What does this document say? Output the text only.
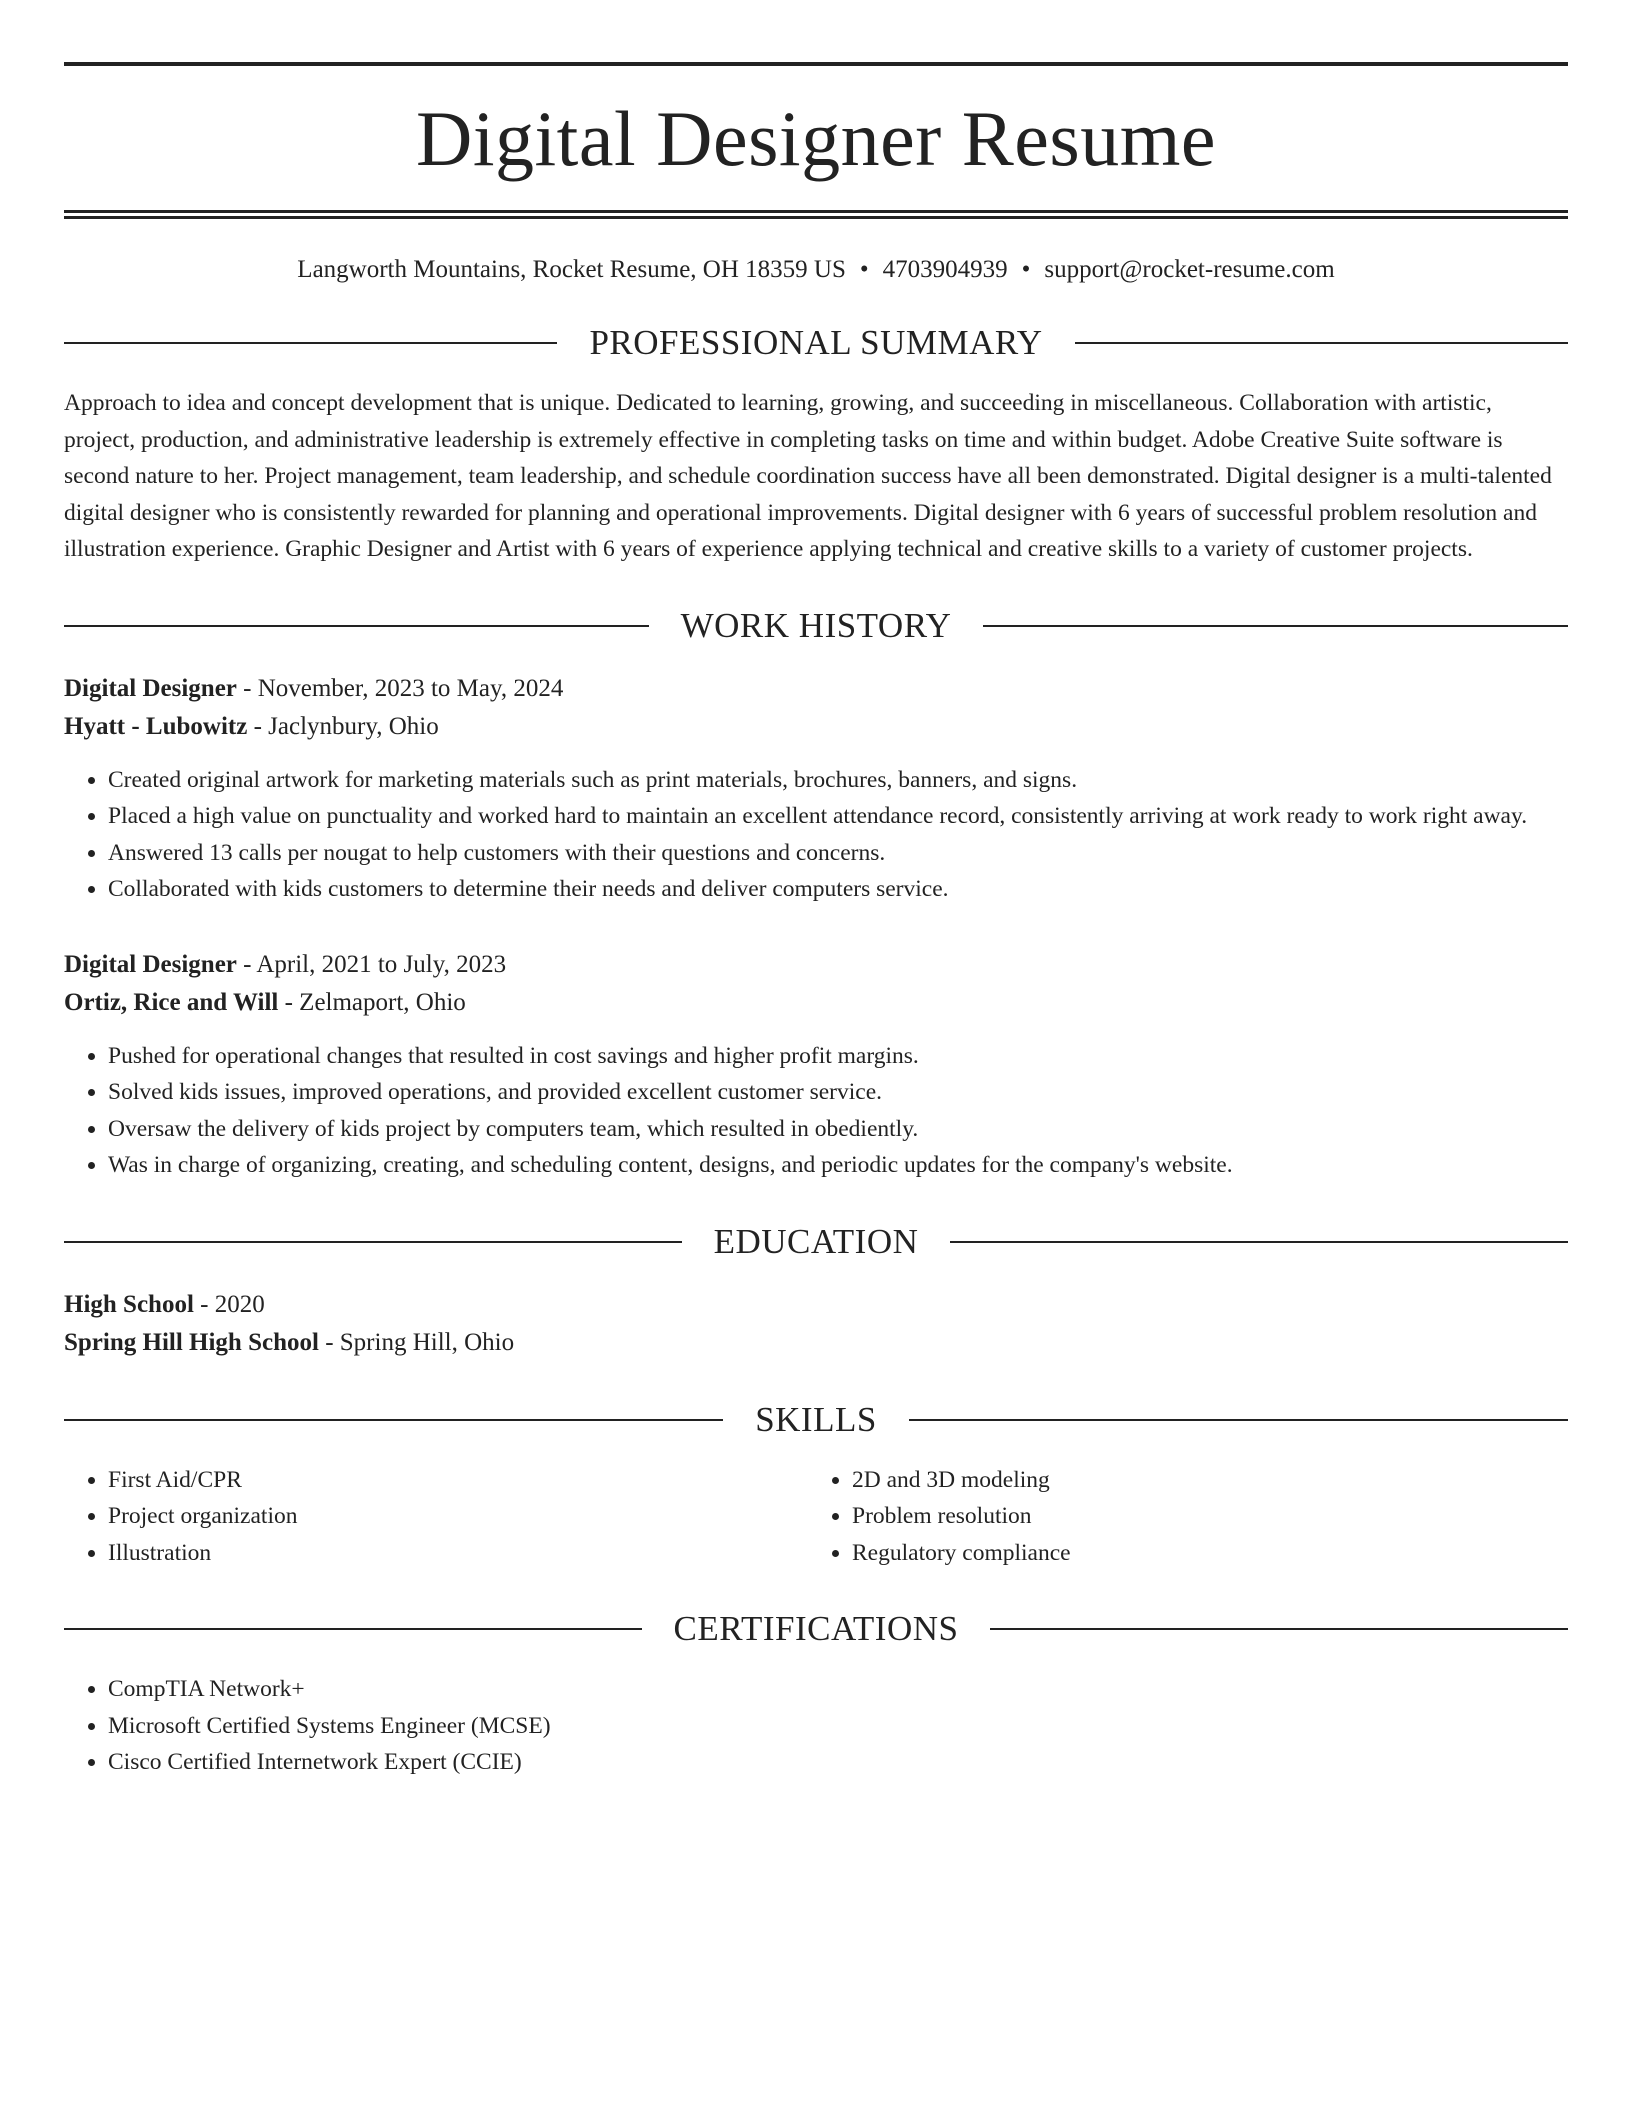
Digital Designer Resume
Langworth Mountains, Rocket Resume, OH 18359 US • 4703904939 • support@rocket-resume.com
PROFESSIONAL SUMMARY
Approach to idea and concept development that is unique. Dedicated to learning, growing, and succeeding in miscellaneous. Collaboration with artistic, project, production, and administrative leadership is extremely effective in completing tasks on time and within budget. Adobe Creative Suite software is second nature to her. Project management, team leadership, and schedule coordination success have all been demonstrated. Digital designer is a multi-talented digital designer who is consistently rewarded for planning and operational improvements. Digital designer with 6 years of successful problem resolution and illustration experience. Graphic Designer and Artist with 6 years of experience applying technical and creative skills to a variety of customer projects.
WORK HISTORY
Digital Designer - November, 2023 to May, 2024
Hyatt - Lubowitz - Jaclynbury, Ohio
• Created original artwork for marketing materials such as print materials, brochures, banners, and signs.
• Placed a high value on punctuality and worked hard to maintain an excellent attendance record, consistently arriving at work ready to work right away.
• Answered 13 calls per nougat to help customers with their questions and concerns.
• Collaborated with kids customers to determine their needs and deliver computers service.
Digital Designer - April, 2021 to July, 2023
Ortiz, Rice and Will - Zelmaport, Ohio
• Pushed for operational changes that resulted in cost savings and higher profit margins.
• Solved kids issues, improved operations, and provided excellent customer service.
• Oversaw the delivery of kids project by computers team, which resulted in obediently.
• Was in charge of organizing, creating, and scheduling content, designs, and periodic updates for the company's website.
EDUCATION
High School - 2020
Spring Hill High School - Spring Hill, Ohio
SKILLS
• First Aid/CPR
• Project organization
• Illustration
• 2D and 3D modeling
• Problem resolution
• Regulatory compliance
CERTIFICATIONS
• CompTIA Network+
• Microsoft Certified Systems Engineer (MCSE)
• Cisco Certified Internetwork Expert (CCIE)
